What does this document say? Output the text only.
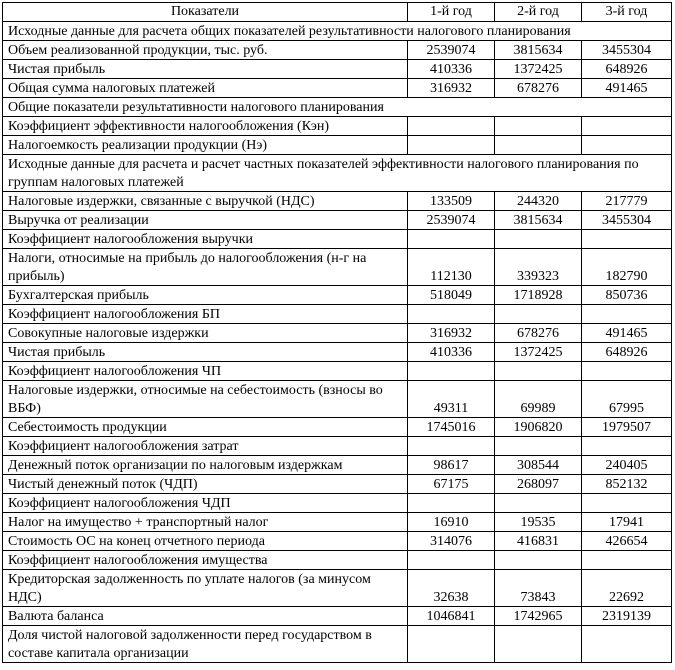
Показатели	1-й год	2-й год	3-й год
Исходные данные для расчета общих показателей результативности налогового планирования			
Объем реализованной продукции, тыс. руб.	2539074	3815634	3455304
Чистая прибыль	410336	1372425	648926
Общая сумма налоговых платежей	316932	678276	491465
Общие показатели результативности налогового планирования			
Коэффициент эффективности налогообложения (Кэн)			
Налогоемкость реализации продукции (Нэ)			
Исходные данные для расчета и расчет частных показателей эффективности налогового планирования по группам налоговых платежей			
Налоговые издержки, связанные с выручкой (НДС)	133509	244320	217779
Выручка от реализации	2539074	3815634	3455304
Коэффициент налогообложения выручки			
Налоги, относимые на прибыль до налогообложения (н-г на прибыль)	112130	339323	182790
Бухгалтерская прибыль	518049	1718928	850736
Коэффициент налогообложения БП			
Совокупные налоговые издержки	316932	678276	491465
Чистая прибыль	410336	1372425	648926
Коэффициент налогообложения ЧП			
Налоговые издержки, относимые на себестоимость (взносы во ВБФ)	49311	69989	67995
Себестоимость продукции	1745016	1906820	1979507
Коэффициент налогообложения затрат			
Денежный поток организации по налоговым издержкам	98617	308544	240405
Чистый денежный поток (ЧДП)	67175	268097	852132
Коэффициент налогообложения ЧДП			
Налог на имущество + транспортный налог	16910	19535	17941
Стоимость ОС на конец отчетного периода	314076	416831	426654
Коэффициент налогообложения имущества			
Кредиторская задолженность по уплате налогов (за минусом НДС)	32638	73843	22692
Валюта баланса	1046841	1742965	2319139
Доля чистой налоговой задолженности перед государством в составе капитала организации			
